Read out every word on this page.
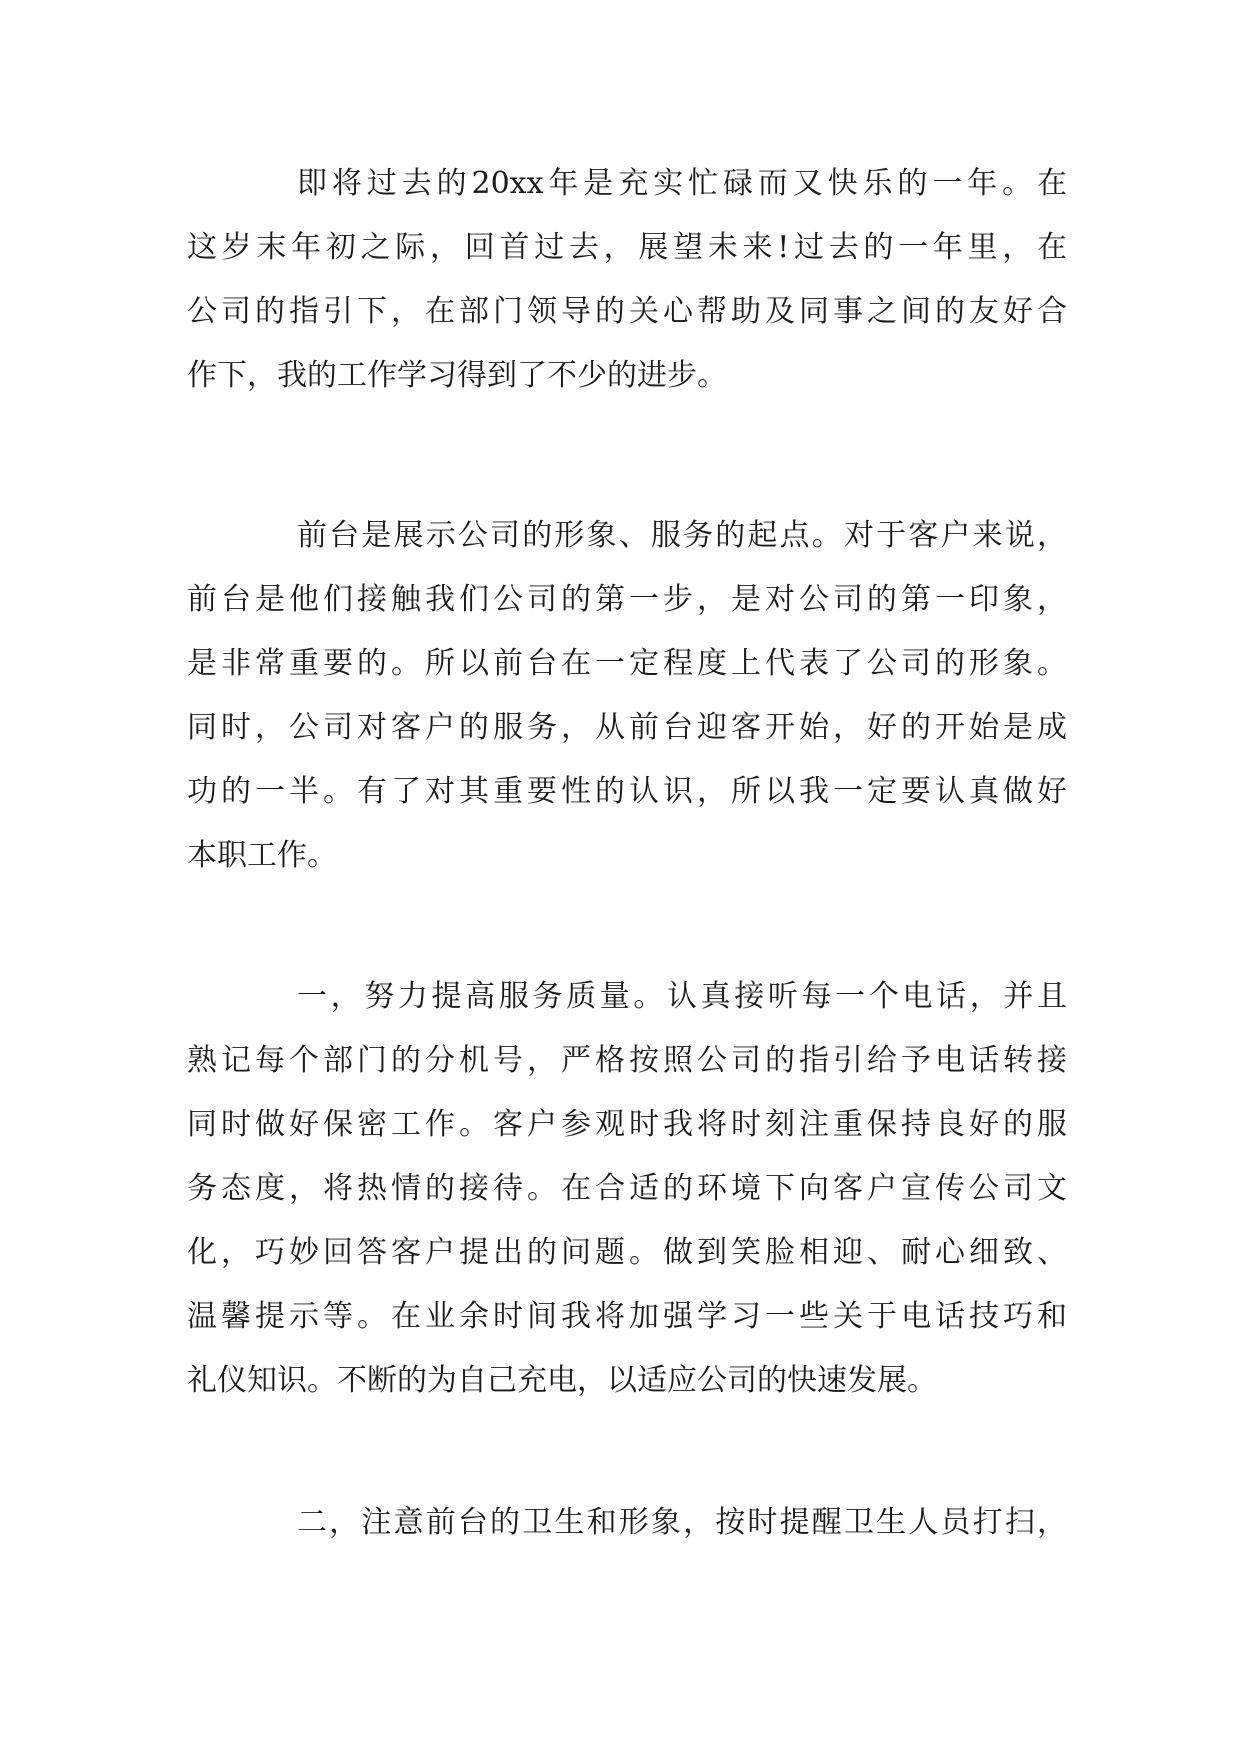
即将过去的20xx年是充实忙碌而又快乐的一年。在
这岁末年初之际，回首过去，展望未来!过去的一年里，在
公司的指引下，在部门领导的关心帮助及同事之间的友好合
作下，我的工作学习得到了不少的进步。
前台是展示公司的形象、服务的起点。对于客户来说，
前台是他们接触我们公司的第一步，是对公司的第一印象，
是非常重要的。所以前台在一定程度上代表了公司的形象。
同时，公司对客户的服务，从前台迎客开始，好的开始是成
功的一半。有了对其重要性的认识，所以我一定要认真做好
本职工作。
一，努力提高服务质量。认真接听每一个电话，并且
熟记每个部门的分机号，严格按照公司的指引给予电话转接
同时做好保密工作。客户参观时我将时刻注重保持良好的服
务态度，将热情的接待。在合适的环境下向客户宣传公司文
化，巧妙回答客户提出的问题。做到笑脸相迎、耐心细致、
温馨提示等。在业余时间我将加强学习一些关于电话技巧和
礼仪知识。不断的为自己充电，以适应公司的快速发展。
二，注意前台的卫生和形象，按时提醒卫生人员打扫，
